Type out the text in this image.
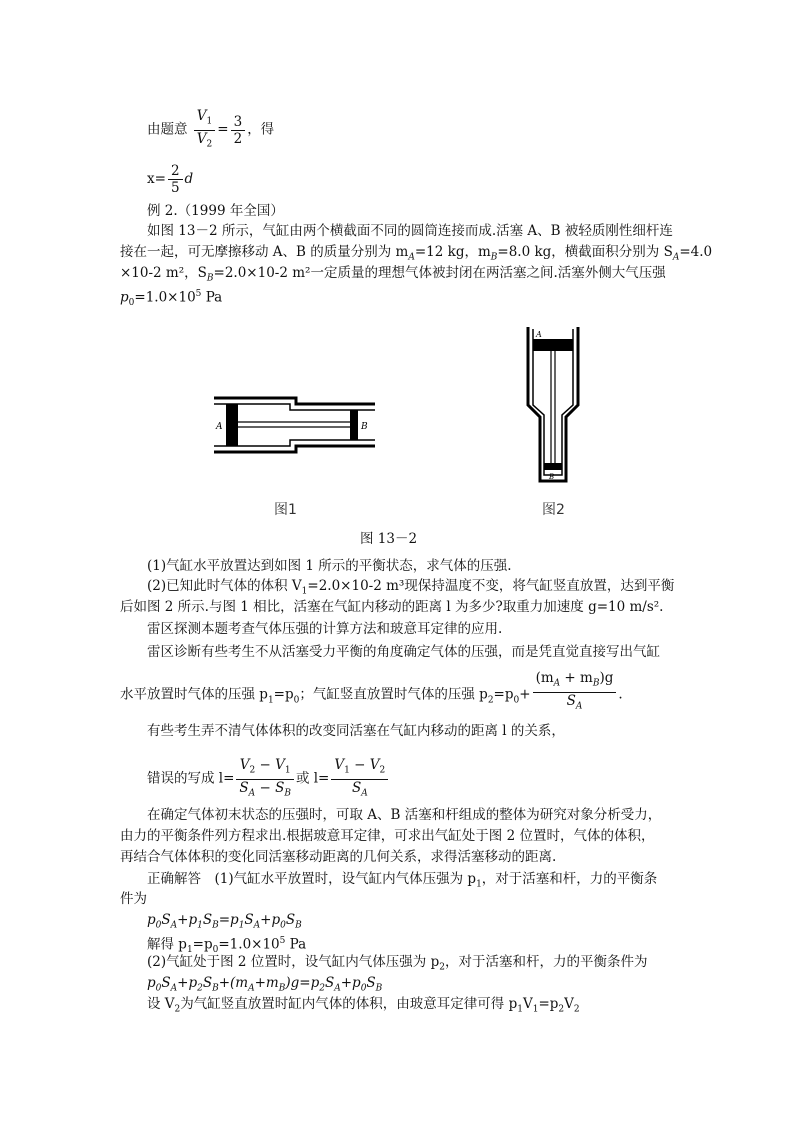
由题意 $\frac{V_1}{V_2} = \frac{3}{2}$ ，得
$x= \frac{2}{5}$ d
例 2.（1999 年全国）
如图 13－2 所示，气缸由两个横截面不同的圆筒连接而成.活塞 A、B 被轻质刚性细杆连
接在一起，可无摩擦移动 A、B 的质量分别为 $m_A=12$ kg，$m_B=8.0$ kg，横截面积分别为 $S_A=4.0$
×10-2 m²，$S_B=2.0\times 10-2$ m²一定质量的理想气体被封闭在两活塞之间.活塞外侧大气压强
$p_0=1.0\times 10^5$ Pa
A	B
A
B
图1	图2
图 13－2
(1)气缸水平放置达到如图 1 所示的平衡状态，求气体的压强.
(2)已知此时气体的体积 $V_1=2.0\times 10-2$ m³现保持温度不变，将气缸竖直放置，达到平衡
后如图 2 所示.与图 1 相比，活塞在气缸内移动的距离 l 为多少?取重力加速度 g=10 m/s².
雷区探测本题考查气体压强的计算方法和玻意耳定律的应用.
雷区诊断有些考生不从活塞受力平衡的角度确定气体的压强，而是凭直觉直接写出气缸
水平放置时气体的压强 $p_1=p_0$；气缸竖直放置时气体的压强 $p_2=p_0+ \frac{(m_A + m_B)g}{S_A}$ .
有些考生弄不清气体体积的改变同活塞在气缸内移动的距离 l 的关系，
错误的写成 $l= \frac{V_2 - V_1}{S_A - S_B}$ 或 $l= \frac{V_1 - V_2}{S_A}$
在确定气体初末状态的压强时，可取 A、B 活塞和杆组成的整体为研究对象分析受力，
由力的平衡条件列方程求出.根据玻意耳定律，可求出气缸处于图 2 位置时，气体的体积，
再结合气体体积的变化同活塞移动距离的几何关系，求得活塞移动的距离.
正确解答　(1)气缸水平放置时，设气缸内气体压强为 $p_1$，对于活塞和杆，力的平衡条
件为
$p_0S_A+p_1S_B=p_1S_A+p_0S_B$
解得 $p_1=p_0=1.0\times 10^5$ Pa
(2)气缸处于图 2 位置时，设气缸内气体压强为 $p_2$，对于活塞和杆，力的平衡条件为
$p_0S_A+p_2S_B+(m_A+m_B)g=p_2S_A+p_0S_B$
设 $V_2$为气缸竖直放置时缸内气体的体积，由玻意耳定律可得 $p_1V_1=p_2V_2$
